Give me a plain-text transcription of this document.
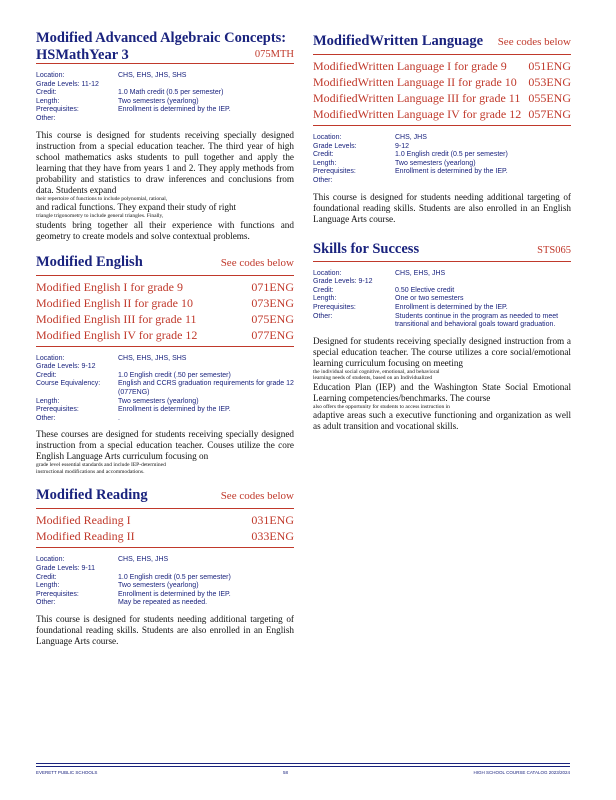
Modified Advanced Algebraic Concepts: HSMathYear 3	075MTH
Location:	CHS, EHS, JHS, SHS
Grade Levels: 11-12
Credit:	1.0 Math credit (0.5 per semester)
Length:	Two semesters (yearlong)
Prerequisites:	Enrollment is determined by the IEP.
Other:
This course is designed for students receiving specially designed instruction from a special education teacher. The third year of high school mathematics asks students to pull together and apply the learning that they have from years 1 and 2. They apply methods from probability and statistics to draw inferences and conclusions from data. Students expand
their repertoire of functions to include polynomial, rational,
and radical functions. They expand their study of right
triangle trigonometry to include general triangles. Finally,
students bring together all their experience with functions and geometry to create models and solve contextual problems.
Modified English	See codes below
Modified English I for grade 9	071ENG
Modified English II for grade 10	073ENG
Modified English III for grade 11	075ENG
Modified English IV for grade 12	077ENG
Location:	CHS, EHS, JHS, SHS
Grade Levels: 9-12
Credit:	1.0 English credit (.50 per semester)
Course Equivalency:	English and CCRS graduation requirements for grade 12 (077ENG)
Length:	Two semesters (yearlong)
Prerequisites:	Enrollment is determined by the IEP.
Other:	.
These courses are designed for students receiving specially designed instruction from a special education teacher. Couses utilize the core English Language Arts curriculum focusing on
grade level essential standards and include IEP-determined
instructional modifications and accommodations.
Modified Reading	See codes below
Modified Reading I	031ENG
Modified Reading II	033ENG
Location:	CHS, EHS, JHS
Grade Levels: 9-11
Credit:	1.0 English credit (0.5 per semester)
Length:	Two semesters (yearlong)
Prerequisites:	Enrollment is determined by the IEP.
Other:	May be repeated as needed.
This course is designed for students needing additional targeting of foundational reading skills. Students are also enrolled in an English Language Arts course.
ModifiedWritten Language See codes below
ModifiedWritten Language I for grade 9 051ENG
ModifiedWritten Language II for grade 10 053ENG
ModifiedWritten Language III for grade 11 055ENG
ModifiedWritten Language IV for grade 12 057ENG
Location:	CHS, JHS
Grade Levels:	9-12
Credit:	1.0 English credit (0.5 per semester)
Length:	Two semesters (yearlong)
Prerequisites:	Enrollment is determined by the IEP.
Other:
This course is designed for students needing additional targeting of foundational reading skills. Students are also enrolled in an English Language Arts course.
Skills for Success	STS065
Location:	CHS, EHS, JHS
Grade Levels: 9-12
Credit:	0.50 Elective credit
Length:	One or two semesters
Prerequisites:	Enrollment is determined by the IEP.
Other:	Students continue in the program as needed to meet transitional and behavioral goals toward graduation.
Designed for students receiving specially designed instruction from a special education teacher. The course utilizes a core social/emotional learning curriculum focusing on meeting
the individual social cognitive, emotional, and behavioral
learning needs of students, based on an Individualized
Education Plan (IEP) and the Washington State Social Emotional Learning competencies/benchmarks. The course
also offers the opportunity for students to access instruction in
adaptive areas such a executive functioning and organization as well as adult transition and vocational skills.
EVERETT PUBLIC SCHOOLS	58	HIGH SCHOOL COURSE CATALOG 2023/2024
